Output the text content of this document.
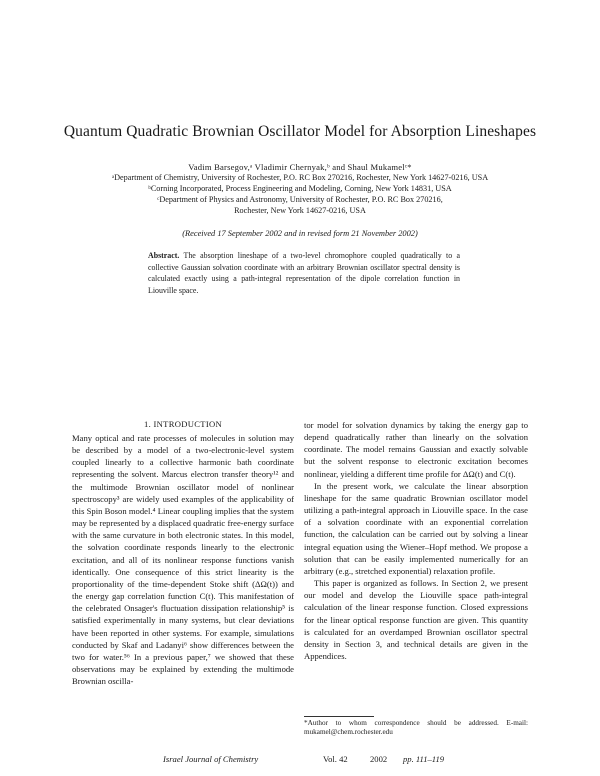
Quantum Quadratic Brownian Oscillator Model for Absorption Lineshapes
Vadim Barsegov,ᵃ Vladimir Chernyak,ᵇ and Shaul Mukamelᶜ*
ᵃDepartment of Chemistry, University of Rochester, P.O. RC Box 270216, Rochester, New York 14627-0216, USA
ᵇCorning Incorporated, Process Engineering and Modeling, Corning, New York 14831, USA
ᶜDepartment of Physics and Astronomy, University of Rochester, P.O. RC Box 270216,
Rochester, New York 14627-0216, USA
(Received 17 September 2002 and in revised form 21 November 2002)
Abstract. The absorption lineshape of a two-level chromophore coupled quadratically to a collective Gaussian solvation coordinate with an arbitrary Brownian oscillator spectral density is calculated exactly using a path-integral representation of the dipole correlation function in Liouville space.
1. INTRODUCTION

Many optical and rate processes of molecules in solution may be described by a model of a two-electronic-level system coupled linearly to a collective harmonic bath coordinate representing the solvent. Marcus electron transfer theory¹² and the multimode Brownian oscillator model of nonlinear spectroscopy³ are widely used examples of the applicability of this Spin Boson model.⁴ Linear coupling implies that the system may be represented by a displaced quadratic free-energy surface with the same curvature in both electronic states. In this model, the solvation coordinate responds linearly to the electronic excitation, and all of its nonlinear response functions vanish identically. One consequence of this strict linearity is the proportionality of the time-dependent Stoke shift (ΔΩ(t)) and the energy gap correlation function C(t). This manifestation of the celebrated Onsager's fluctuation dissipation relationship⁵ is satisfied experimentally in many systems, but clear deviations have been reported in other systems. For example, simulations conducted by Skaf and Ladanyi⁶ show differences between the two for water.⁵⁶ In a previous paper,⁷ we showed that these observations may be explained by extending the multimode Brownian oscilla-

tor model for solvation dynamics by taking the energy gap to depend quadratically rather than linearly on the solvation coordinate. The model remains Gaussian and exactly solvable but the solvent response to electronic excitation becomes nonlinear, yielding a different time profile for ΔΩ(t) and C(t).

In the present work, we calculate the linear absorption lineshape for the same quadratic Brownian oscillator model utilizing a path-integral approach in Liouville space. In the case of a solvation coordinate with an exponential correlation function, the calculation can be carried out by solving a linear integral equation using the Wiener–Hopf method. We propose a solution that can be easily implemented numerically for an arbitrary (e.g., stretched exponential) relaxation profile.

This paper is organized as follows. In Section 2, we present our model and develop the Liouville space path-integral calculation of the linear response function. Closed expressions for the linear optical response function are given. This quantity is calculated for an overdamped Brownian oscillator spectral density in Section 3, and technical details are given in the Appendices.

*Author to whom correspondence should be addressed. E-mail: mukamel@chem.rochester.edu
Israel Journal of Chemistry	Vol. 42	2002 pp. 111–119
